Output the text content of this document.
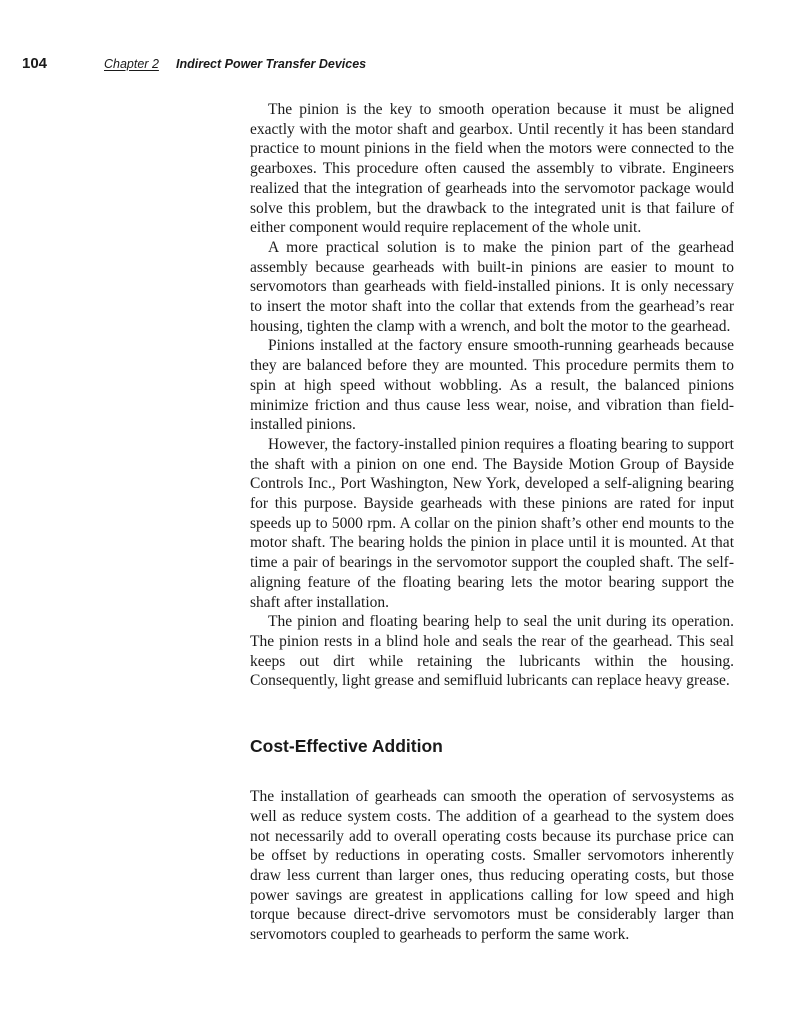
104	Chapter 2 Indirect Power Transfer Devices

The pinion is the key to smooth operation because it must be aligned exactly with the motor shaft and gearbox. Until recently it has been standard practice to mount pinions in the field when the motors were connected to the gearboxes. This procedure often caused the assembly to vibrate. Engineers realized that the integration of gearheads into the servomotor package would solve this problem, but the drawback to the integrated unit is that failure of either component would require replacement of the whole unit.

A more practical solution is to make the pinion part of the gearhead assembly because gearheads with built-in pinions are easier to mount to servomotors than gearheads with field-installed pinions. It is only necessary to insert the motor shaft into the collar that extends from the gearhead’s rear housing, tighten the clamp with a wrench, and bolt the motor to the gearhead.

Pinions installed at the factory ensure smooth-running gearheads because they are balanced before they are mounted. This procedure permits them to spin at high speed without wobbling. As a result, the balanced pinions minimize friction and thus cause less wear, noise, and vibration than field-installed pinions.

However, the factory-installed pinion requires a floating bearing to support the shaft with a pinion on one end. The Bayside Motion Group of Bayside Controls Inc., Port Washington, New York, developed a self-aligning bearing for this purpose. Bayside gearheads with these pinions are rated for input speeds up to 5000 rpm. A collar on the pinion shaft’s other end mounts to the motor shaft. The bearing holds the pinion in place until it is mounted. At that time a pair of bearings in the servomotor support the coupled shaft. The self-aligning feature of the floating bearing lets the motor bearing support the shaft after installation.

The pinion and floating bearing help to seal the unit during its operation. The pinion rests in a blind hole and seals the rear of the gearhead. This seal keeps out dirt while retaining the lubricants within the housing. Consequently, light grease and semifluid lubricants can replace heavy grease.

Cost-Effective Addition

The installation of gearheads can smooth the operation of servosystems as well as reduce system costs. The addition of a gearhead to the system does not necessarily add to overall operating costs because its purchase price can be offset by reductions in operating costs. Smaller servomotors inherently draw less current than larger ones, thus reducing operating costs, but those power savings are greatest in applications calling for low speed and high torque because direct-drive servomotors must be considerably larger than servomotors coupled to gearheads to perform the same work.
